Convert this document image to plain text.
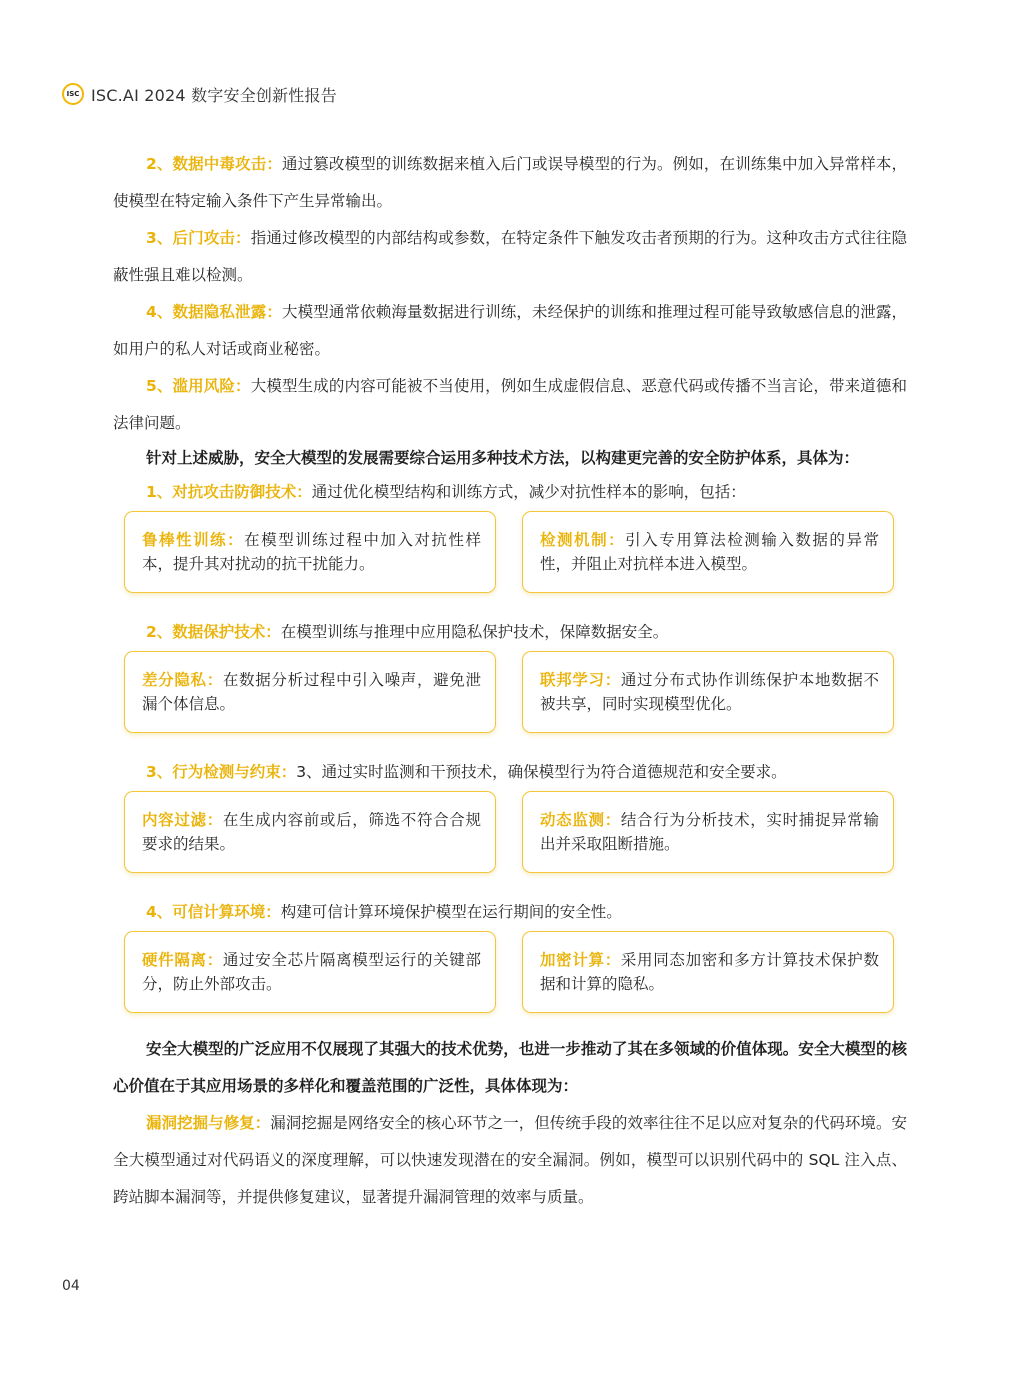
ISC ISC.AI 2024 数字安全创新性报告

2、数据中毒攻击：通过篡改模型的训练数据来植入后门或误导模型的行为。例如，在训练集中加入异常样本，使模型在特定输入条件下产生异常输出。

3、后门攻击：指通过修改模型的内部结构或参数，在特定条件下触发攻击者预期的行为。这种攻击方式往往隐蔽性强且难以检测。

4、数据隐私泄露：大模型通常依赖海量数据进行训练，未经保护的训练和推理过程可能导致敏感信息的泄露，如用户的私人对话或商业秘密。

5、滥用风险：大模型生成的内容可能被不当使用，例如生成虚假信息、恶意代码或传播不当言论，带来道德和法律问题。

针对上述威胁，安全大模型的发展需要综合运用多种技术方法，以构建更完善的安全防护体系，具体为：

1、对抗攻击防御技术：通过优化模型结构和训练方式，减少对抗性样本的影响，包括：

鲁棒性训练：在模型训练过程中加入对抗性样本，提升其对扰动的抗干扰能力。
检测机制：引入专用算法检测输入数据的异常性，并阻止对抗样本进入模型。

2、数据保护技术：在模型训练与推理中应用隐私保护技术，保障数据安全。

差分隐私：在数据分析过程中引入噪声，避免泄漏个体信息。
联邦学习：通过分布式协作训练保护本地数据不被共享，同时实现模型优化。

3、行为检测与约束：3、通过实时监测和干预技术，确保模型行为符合道德规范和安全要求。

内容过滤：在生成内容前或后，筛选不符合合规要求的结果。
动态监测：结合行为分析技术，实时捕捉异常输出并采取阻断措施。

4、可信计算环境：构建可信计算环境保护模型在运行期间的安全性。

硬件隔离：通过安全芯片隔离模型运行的关键部分，防止外部攻击。
加密计算：采用同态加密和多方计算技术保护数据和计算的隐私。

安全大模型的广泛应用不仅展现了其强大的技术优势，也进一步推动了其在多领域的价值体现。安全大模型的核心价值在于其应用场景的多样化和覆盖范围的广泛性，具体体现为：

漏洞挖掘与修复：漏洞挖掘是网络安全的核心环节之一，但传统手段的效率往往不足以应对复杂的代码环境。安全大模型通过对代码语义的深度理解，可以快速发现潜在的安全漏洞。例如，模型可以识别代码中的 SQL 注入点、跨站脚本漏洞等，并提供修复建议，显著提升漏洞管理的效率与质量。

04
